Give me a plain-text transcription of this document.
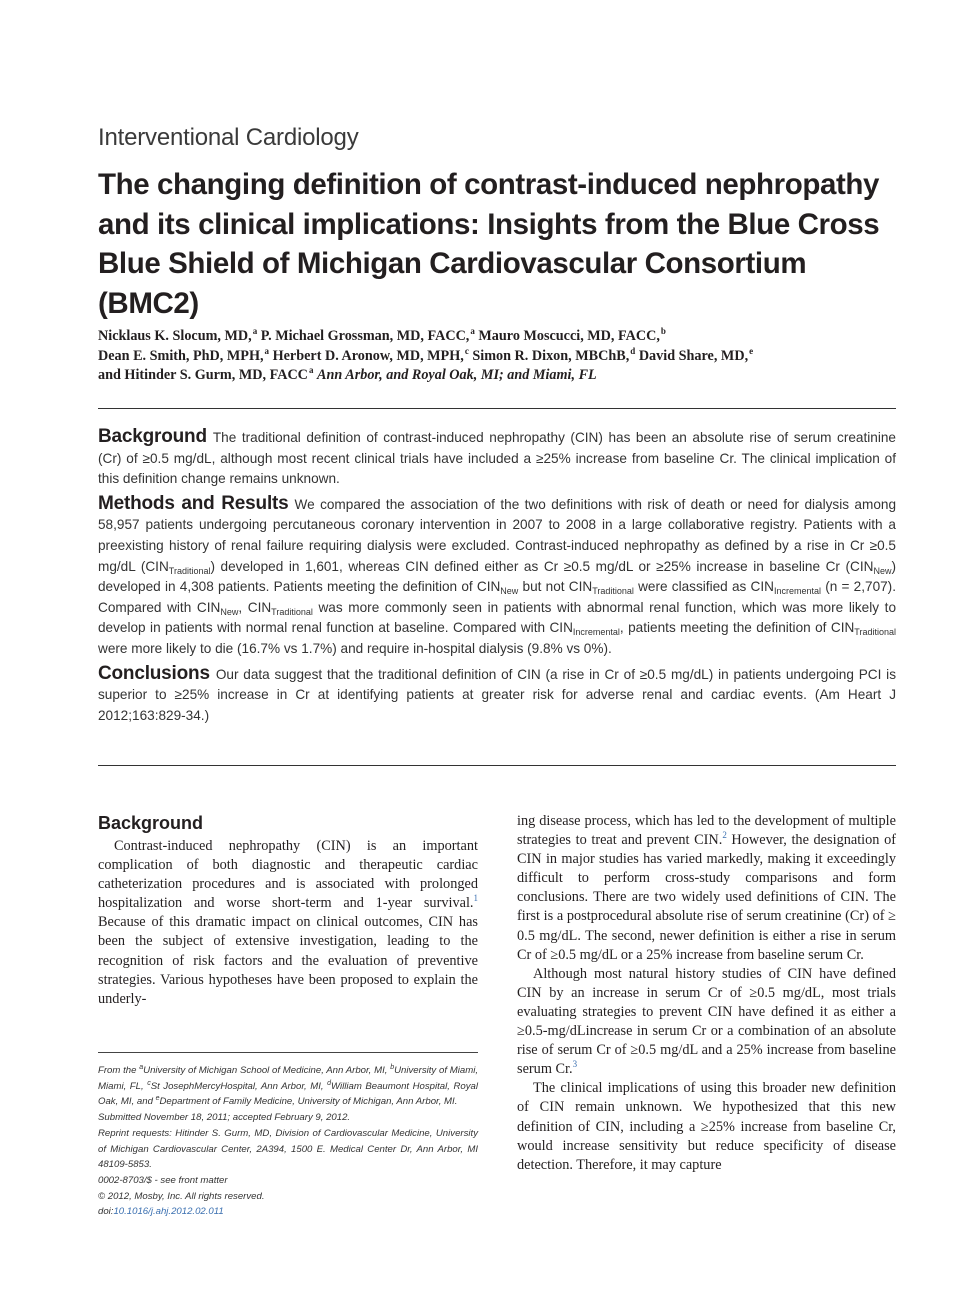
Interventional Cardiology
The changing definition of contrast-induced nephropathy and its clinical implications: Insights from the Blue Cross Blue Shield of Michigan Cardiovascular Consortium (BMC2)
Nicklaus K. Slocum, MD,$^a$ P. Michael Grossman, MD, FACC,$^a$ Mauro Moscucci, MD, FACC,$^b$
Dean E. Smith, PhD, MPH,$^a$ Herbert D. Aronow, MD, MPH,$^c$ Simon R. Dixon, MBChB,$^d$ David Share, MD,$^e$
and Hitinder S. Gurm, MD, FACC$^a$ Ann Arbor, and Royal Oak, MI; and Miami, FL

Background The traditional definition of contrast-induced nephropathy (CIN) has been an absolute rise of serum creatinine (Cr) of ≥0.5 mg/dL, although most recent clinical trials have included a ≥25% increase from baseline Cr. The clinical implication of this definition change remains unknown.

Methods and Results We compared the association of the two definitions with risk of death or need for dialysis among 58,957 patients undergoing percutaneous coronary intervention in 2007 to 2008 in a large collaborative registry. Patients with a preexisting history of renal failure requiring dialysis were excluded. Contrast-induced nephropathy as defined by a rise in Cr ≥0.5 mg/dL $(CIN_{Traditional})$ developed in 1,601, whereas CIN defined either as Cr ≥0.5 mg/dL or ≥25% increase in baseline Cr $(CIN_{New})$ developed in 4,308 patients. Patients meeting the definition of $CIN_{New}$ but not $CIN_{Traditional}$ were classified as $CIN_{Incremental}$ (n = 2,707). Compared with $CIN_{New}$, $CIN_{Traditional}$ was more commonly seen in patients with abnormal renal function, which was more likely to develop in patients with normal renal function at baseline. Compared with $CIN_{Incremental}$, patients meeting the definition of $CIN_{Traditional}$ were more likely to die (16.7% vs 1.7%) and require in-hospital dialysis (9.8% vs 0%).

Conclusions Our data suggest that the traditional definition of CIN (a rise in Cr of ≥0.5 mg/dL) in patients undergoing PCI is superior to ≥25% increase in Cr at identifying patients at greater risk for adverse renal and cardiac events. (Am Heart J 2012;163:829-34.)

Background

Contrast-induced nephropathy (CIN) is an important complication of both diagnostic and therapeutic cardiac catheterization procedures and is associated with prolonged hospitalization and worse short-term and 1-year survival.$^1$ Because of this dramatic impact on clinical outcomes, CIN has been the subject of extensive investigation, leading to the recognition of risk factors and the evaluation of preventive strategies. Various hypotheses have been proposed to explain the underly-

ing disease process, which has led to the development of multiple strategies to treat and prevent CIN.$^2$ However, the designation of CIN in major studies has varied markedly, making it exceedingly difficult to perform cross-study comparisons and form conclusions. There are two widely used definitions of CIN. The first is a postprocedural absolute rise of serum creatinine (Cr) of ≥ 0.5 mg/dL. The second, newer definition is either a rise in serum Cr of ≥0.5 mg/dL or a 25% increase from baseline serum Cr.

Although most natural history studies of CIN have defined CIN by an increase in serum Cr of ≥0.5 mg/dL, most trials evaluating strategies to prevent CIN have defined it as either a ≥0.5-mg/dLincrease in serum Cr or a combination of an absolute rise of serum Cr of ≥0.5 mg/dL and a 25% increase from baseline serum Cr.$^3$

The clinical implications of using this broader new definition of CIN remain unknown. We hypothesized that this new definition of CIN, including a ≥25% increase from baseline Cr, would increase sensitivity but reduce specificity of disease detection. Therefore, it may capture

From the $^a$University of Michigan School of Medicine, Ann Arbor, MI, $^b$University of Miami, Miami, FL, $^c$St JosephMercyHospital, Ann Arbor, MI, $^d$William Beaumont Hospital, Royal Oak, MI, and $^e$Department of Family Medicine, University of Michigan, Ann Arbor, MI.

Submitted November 18, 2011; accepted February 9, 2012.

Reprint requests: Hitinder S. Gurm, MD, Division of Cardiovascular Medicine, University of Michigan Cardiovascular Center, 2A394, 1500 E. Medical Center Dr, Ann Arbor, MI 48109-5853.

0002-8703/$ - see front matter

© 2012, Mosby, Inc. All rights reserved.

doi:10.1016/j.ahj.2012.02.011
